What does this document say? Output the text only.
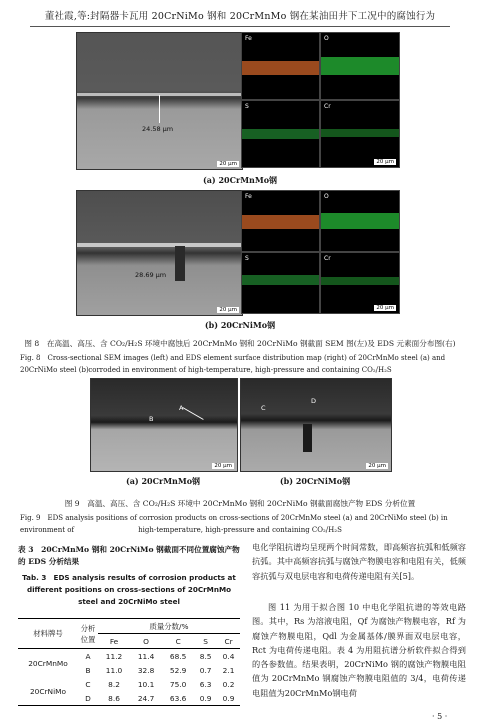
董社霞,等:封隔器卡瓦用 20CrNiMo 钢和 20CrMnMo 钢在某油田井下工况中的腐蚀行为
24.58 μm
20 μm
Fe	O
S	Cr
20 μm
(a) 20CrMnMo钢
28.69 μm
20 μm
Fe	O
S	Cr
20 μm
(b) 20CrNiMo钢
图 8　在高温、高压、含 CO₂/H₂S 环境中腐蚀后 20CrMnMo 钢和 20CrNiMo 钢截面 SEM 图(左)及 EDS 元素面分布图(右)
Fig. 8　Cross-sectional SEM images (left) and EDS element surface distribution map (right) of 20CrMnMo steel (a) and 20CrNiMo steel (b) corroded in environment of high-temperature, high-pressure and containing CO₂/H₂S
A
B
20 μm
C
D
20 μm
(a) 20CrMnMo钢	(b) 20CrNiMo钢
图 9　高温、高压、含 CO₂/H₂S 环境中 20CrMnMo 钢和 20CrNiMo 钢截面腐蚀产物 EDS 分析位置
Fig. 9　EDS analysis positions of corrosion products on cross-sections of 20CrMnMo steel (a) and 20CrNiMo steel (b) in environment of	high-temperature, high-pressure and containing CO₂/H₂S
表 3　20CrMnMo 钢和 20CrNiMo 钢截面不同位置腐蚀产物的 EDS 分析结果
Tab. 3　EDS analysis results of corrosion products at different positions on cross-sections of 20CrMnMo steel and 20CrNiMo steel
材料牌号	分析位置	质量分数/%				
		Fe	O	C	S	Cr
20CrMnMo	A	11.2	11.4	68.5	8.5	0.4
	B	11.0	32.8	52.9	0.7	2.1
20CrNiMo	C	8.2	10.1	75.0	6.3	0.2
	D	8.6	24.7	63.6	0.9	0.9
电化学阻抗谱均呈现两个时间常数，即高频容抗弧和低频容抗弧。其中高频容抗弧与腐蚀产物膜电容和电阻有关，低频容抗弧与双电层电容和电荷传递电阻有关[5]。
图 11 为用于拟合图 10 中电化学阻抗谱的等效电路图。其中，Rs 为溶液电阻，Qf 为腐蚀产物膜电容，Rf 为腐蚀产物膜电阻，Qdl 为金属基体/膜界面双电层电容，Rct 为电荷传递电阻。表 4 为用阻抗谱分析软件拟合得到的各参数值。结果表明，20CrNiMo 钢的腐蚀产物膜电阻值为 20CrMnMo 钢腐蚀产物膜电阻值的 3/4，电荷传递电阻值为20CrMnMo钢电荷
· 5 ·
